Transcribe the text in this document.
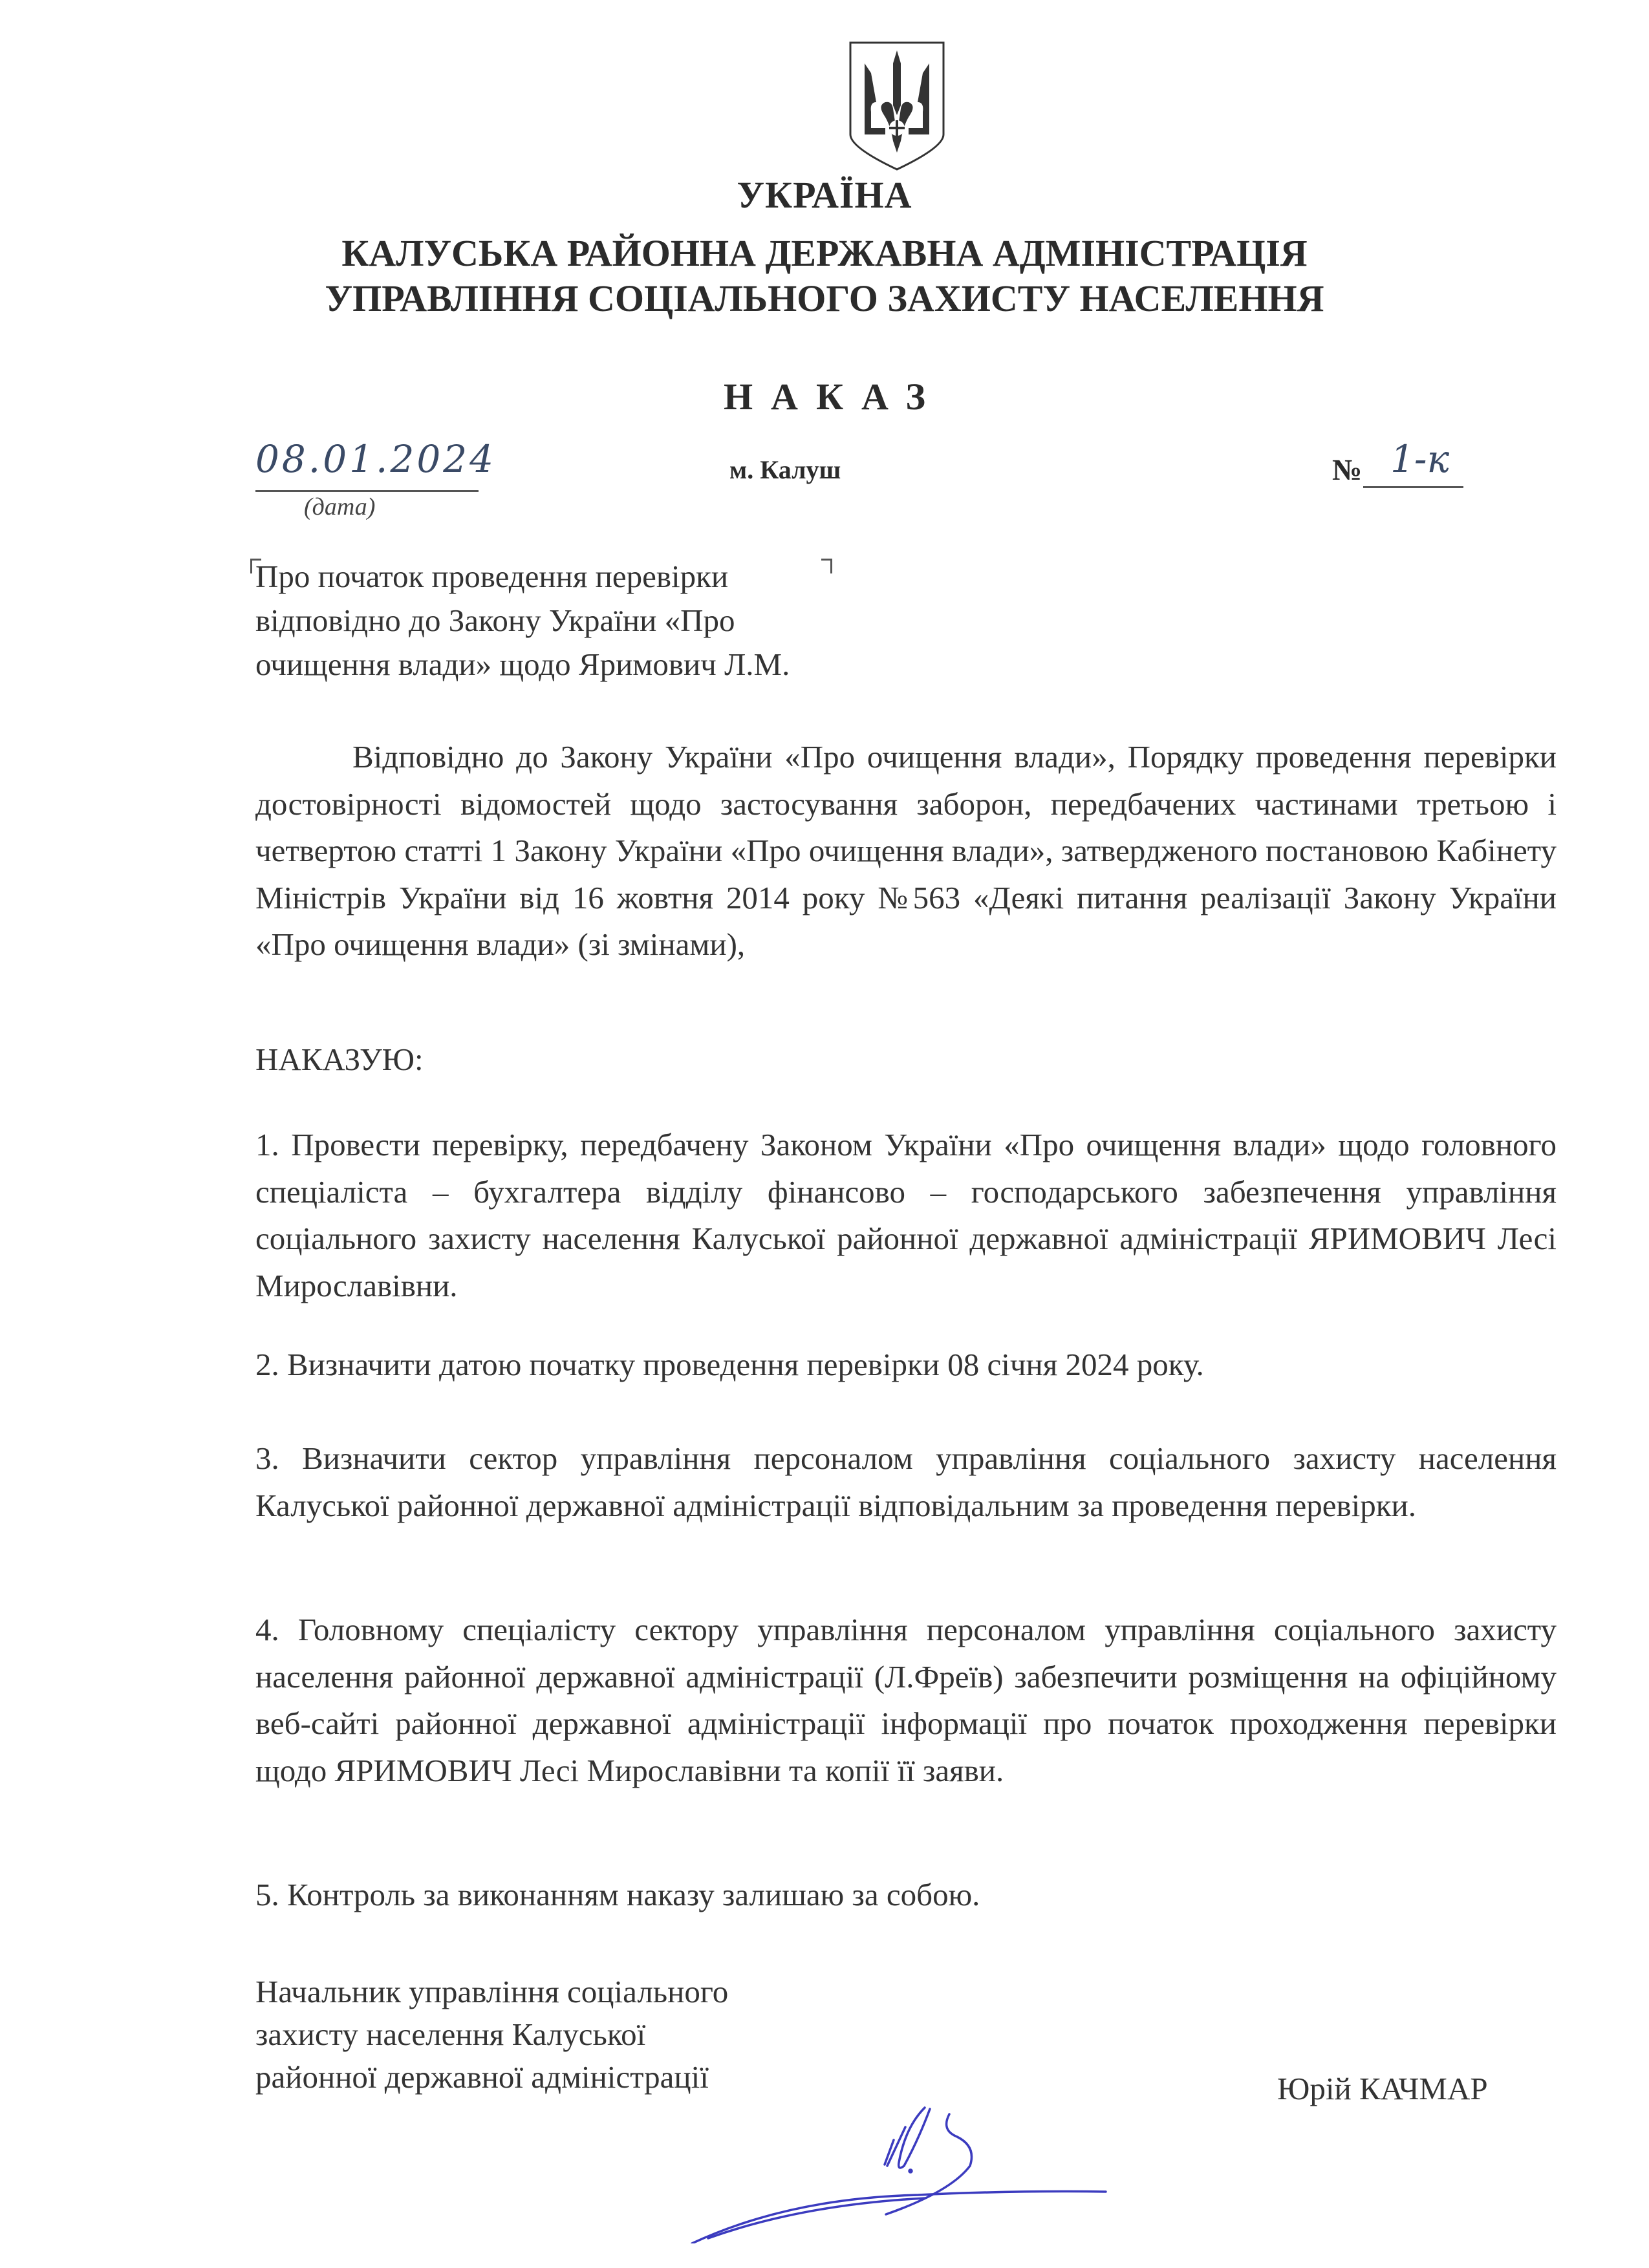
УКРАЇНА
КАЛУСЬКА РАЙОННА ДЕРЖАВНА АДМІНІСТРАЦІЯ
УПРАВЛІННЯ СОЦІАЛЬНОГО ЗАХИСТУ НАСЕЛЕННЯ
НАКАЗ
08.01.2024
(дата)
м. Калуш	№ 1-к
Про початок проведення перевірки
відповідно до Закону України «Про
очищення влади» щодо Яримович Л.М.
Відповідно до Закону України «Про очищення влади», Порядку проведення перевірки достовірності відомостей щодо застосування заборон, передбачених частинами третьою і четвертою статті 1 Закону України «Про очищення влади», затвердженого постановою Кабінету Міністрів України від 16 жовтня 2014 року №563 «Деякі питання реалізації Закону України «Про очищення влади» (зі змінами),
НАКАЗУЮ:
1. Провести перевірку, передбачену Законом України «Про очищення влади» щодо головного спеціаліста – бухгалтера відділу фінансово – господарського забезпечення управління соціального захисту населення Калуської районної державної адміністрації ЯРИМОВИЧ Лесі Мирославівни.
2. Визначити датою початку проведення перевірки 08 січня 2024 року.
3. Визначити сектор управління персоналом управління соціального захисту населення Калуської районної державної адміністрації відповідальним за проведення перевірки.
4. Головному спеціалісту сектору управління персоналом управління соціального захисту населення районної державної адміністрації (Л.Фреїв) забезпечити розміщення на офіційному веб-сайті районної державної адміністрації інформації про початок проходження перевірки щодо ЯРИМОВИЧ Лесі Мирославівни та копії її заяви.
5. Контроль за виконанням наказу залишаю за собою.
Начальник управління соціального
захисту населення Калуської
районної державної адміністрації	Юрій КАЧМАР
